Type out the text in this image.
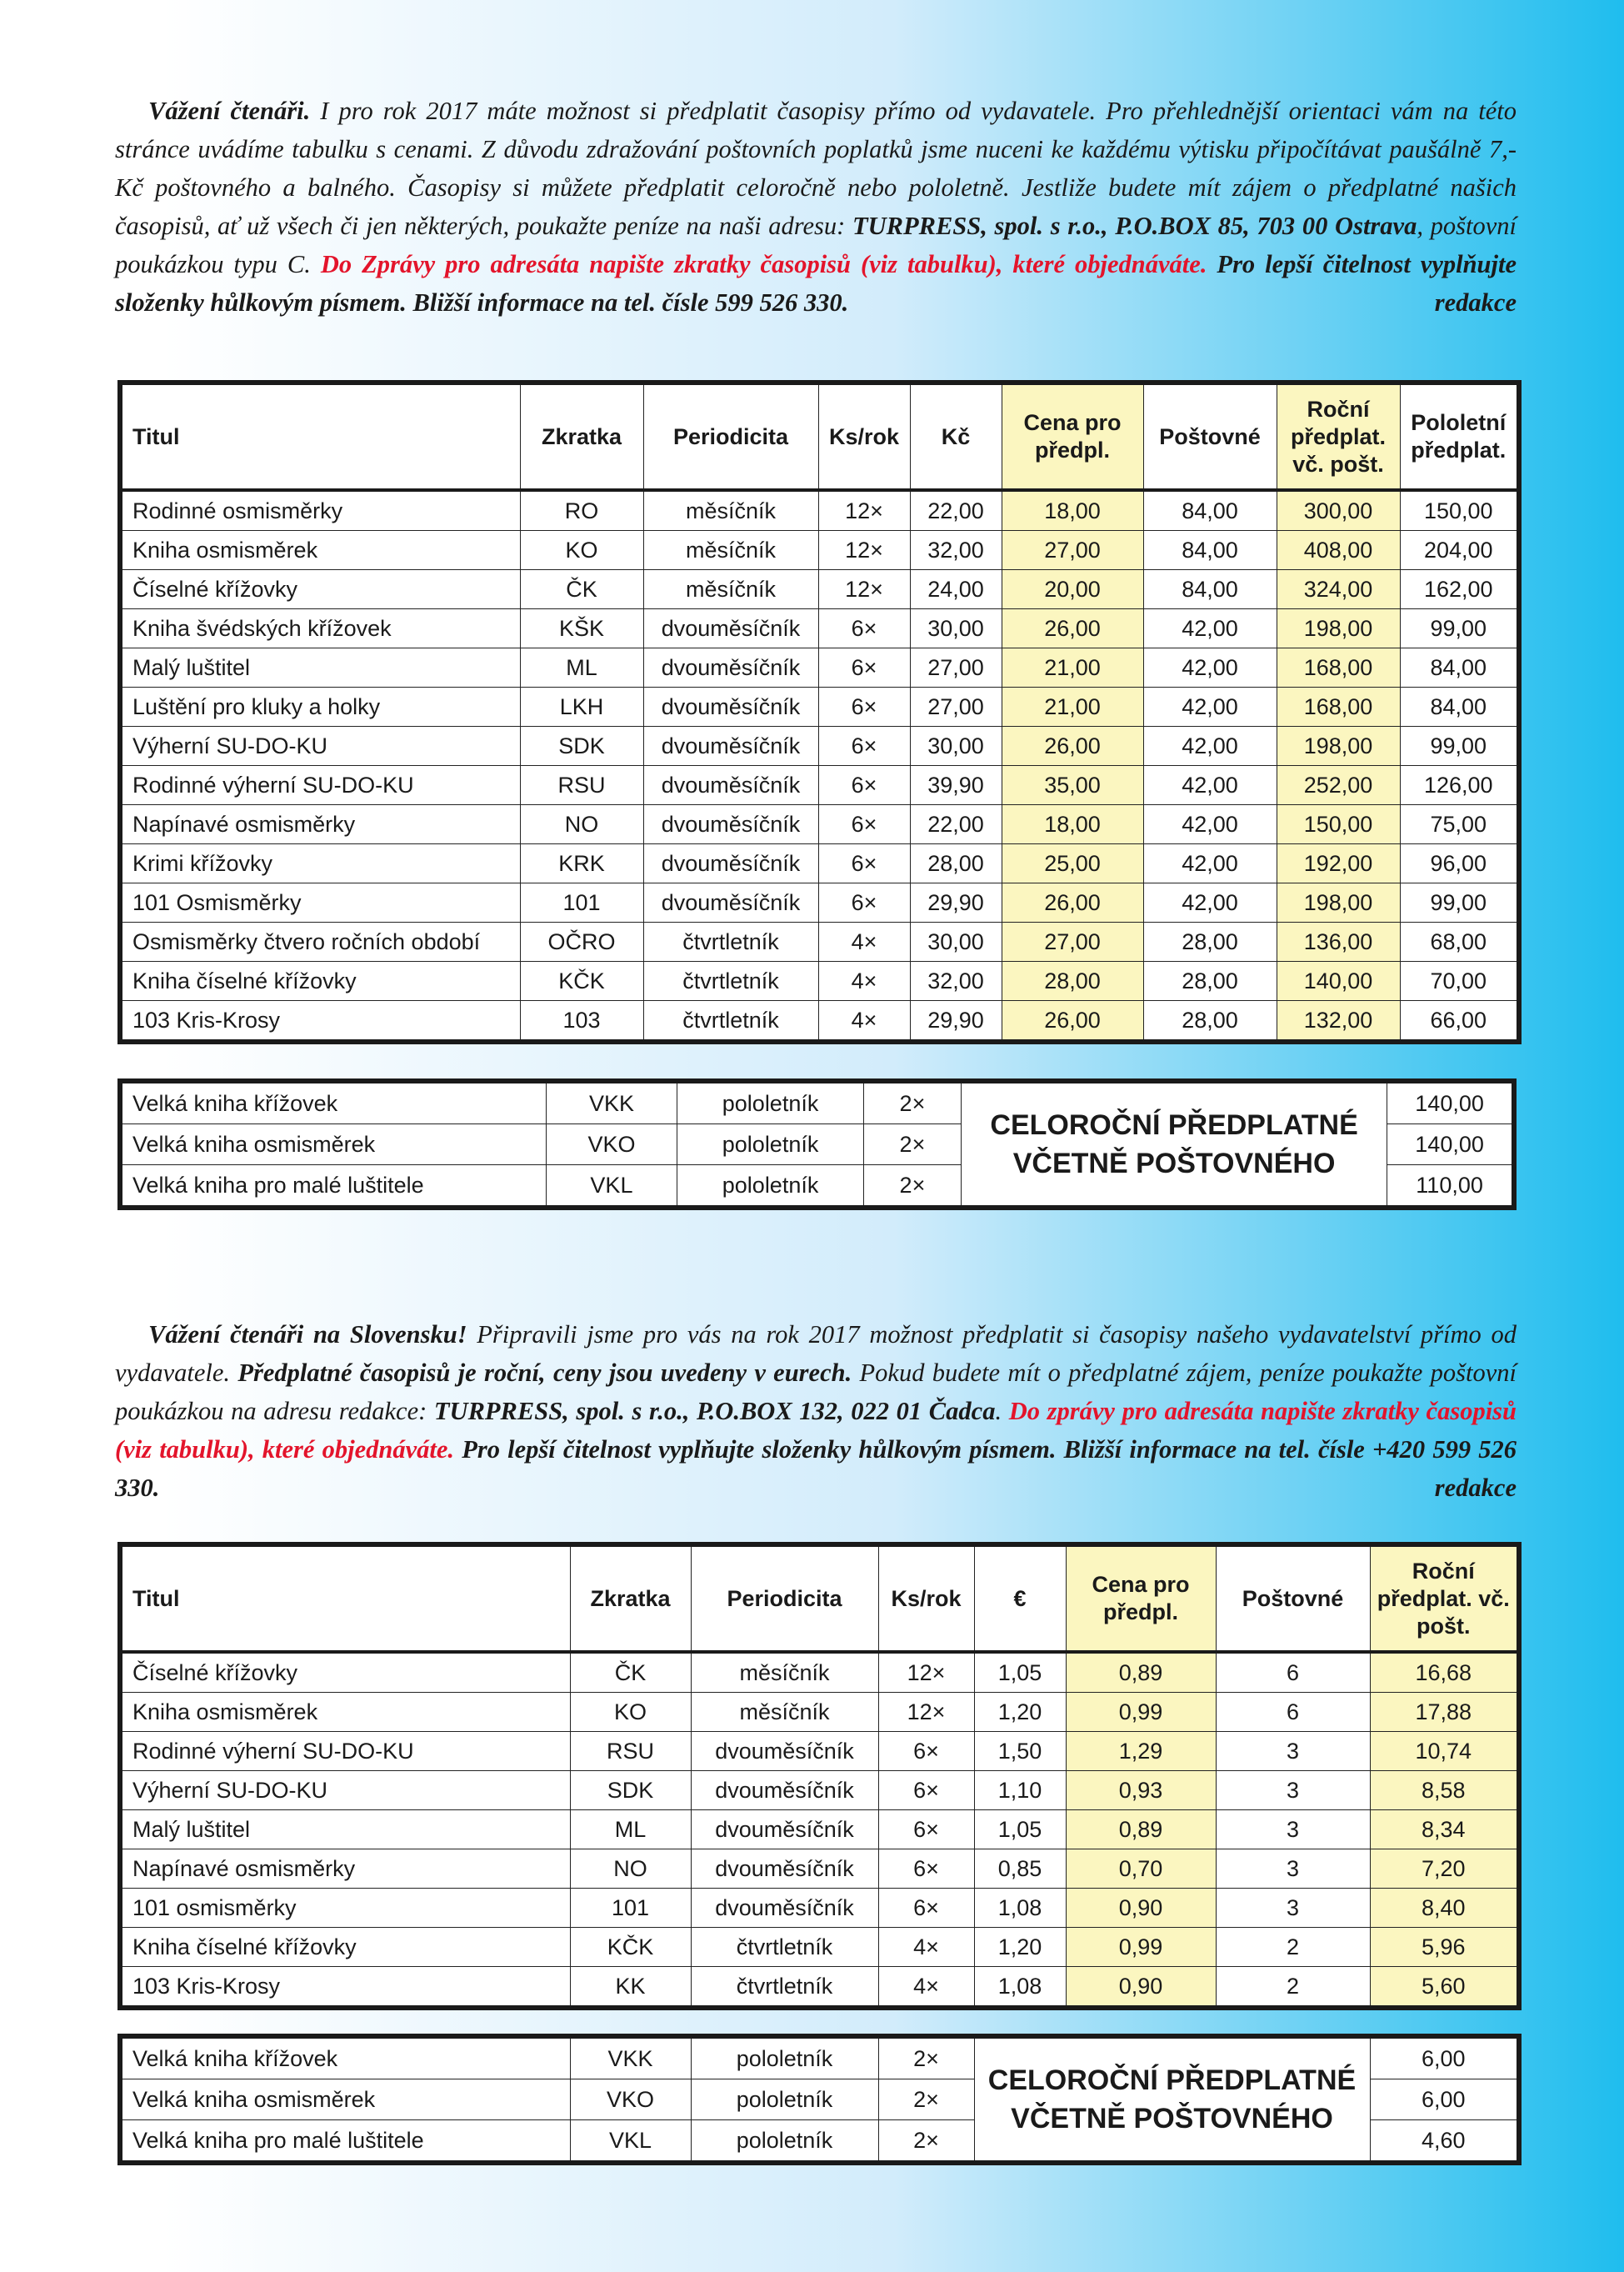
Vážení čtenáři. I pro rok 2017 máte možnost si předplatit časopisy přímo od vydavatele. Pro přehlednější orientaci vám na této stránce uvádíme tabulku s cenami. Z důvodu zdražování poštovních poplatků jsme nuceni ke každému výtisku připočítávat paušálně 7,- Kč poštovného a balného. Časopisy si můžete předplatit celoročně nebo pololetně. Jestliže budete mít zájem o předplatné našich časopisů, ať už všech či jen některých, poukažte peníze na naši adresu: TURPRESS, spol. s r.o., P.O.BOX 85, 703 00 Ostrava, poštovní poukázkou typu C. Do Zprávy pro adresáta napište zkratky časopisů (viz tabulku), které objednáváte. Pro lepší čitelnost vyplňujte složenky hůlkovým písmem. Bližší informace na tel. čísle 599 526 330.	redakce
Titul	Zkratka	Periodicita	Ks/rok	Kč	Cena pro předpl.	Poštovné	Roční předplat. vč. pošt.	Pololetní předplat.
Rodinné osmisměrky	RO	měsíčník	12×	22,00	18,00	84,00	300,00	150,00
Kniha osmisměrek	KO	měsíčník	12×	32,00	27,00	84,00	408,00	204,00
Číselné křížovky	ČK	měsíčník	12×	24,00	20,00	84,00	324,00	162,00
Kniha švédských křížovek	KŠK	dvouměsíčník	6×	30,00	26,00	42,00	198,00	99,00
Malý luštitel	ML	dvouměsíčník	6×	27,00	21,00	42,00	168,00	84,00
Luštění pro kluky a holky	LKH	dvouměsíčník	6×	27,00	21,00	42,00	168,00	84,00
Výherní SU-DO-KU	SDK	dvouměsíčník	6×	30,00	26,00	42,00	198,00	99,00
Rodinné výherní SU-DO-KU	RSU	dvouměsíčník	6×	39,90	35,00	42,00	252,00	126,00
Napínavé osmisměrky	NO	dvouměsíčník	6×	22,00	18,00	42,00	150,00	75,00
Krimi křížovky	KRK	dvouměsíčník	6×	28,00	25,00	42,00	192,00	96,00
101 Osmisměrky	101	dvouměsíčník	6×	29,90	26,00	42,00	198,00	99,00
Osmisměrky čtvero ročních období	OČRO	čtvrtletník	4×	30,00	27,00	28,00	136,00	68,00
Kniha číselné křížovky	KČK	čtvrtletník	4×	32,00	28,00	28,00	140,00	70,00
103 Kris-Krosy	103	čtvrtletník	4×	29,90	26,00	28,00	132,00	66,00
Velká kniha křížovek	VKK	pololetník	2×	CELOROČNÍ PŘEDPLATNÉ VČETNĚ POŠTOVNÉHO	140,00
Velká kniha osmisměrek	VKO	pololetník	2×		140,00
Velká kniha pro malé luštitele	VKL	pololetník	2×		110,00
Vážení čtenáři na Slovensku! Připravili jsme pro vás na rok 2017 možnost předplatit si časopisy našeho vydavatelství přímo od vydavatele. Předplatné časopisů je roční, ceny jsou uvedeny v eurech. Pokud budete mít o předplatné zájem, peníze poukažte poštovní poukázkou na adresu redakce: TURPRESS, spol. s r.o., P.O.BOX 132, 022 01 Čadca. Do zprávy pro adresáta napište zkratky časopisů (viz tabulku), které objednáváte. Pro lepší čitelnost vyplňujte složenky hůlkovým písmem. Bližší informace na tel. čísle +420 599 526 330.	redakce
Titul	Zkratka	Periodicita	Ks/rok	€	Cena pro předpl.	Poštovné	Roční předplat. vč. pošt.
Číselné křížovky	ČK	měsíčník	12×	1,05	0,89	6	16,68
Kniha osmisměrek	KO	měsíčník	12×	1,20	0,99	6	17,88
Rodinné výherní SU-DO-KU	RSU	dvouměsíčník	6×	1,50	1,29	3	10,74
Výherní SU-DO-KU	SDK	dvouměsíčník	6×	1,10	0,93	3	8,58
Malý luštitel	ML	dvouměsíčník	6×	1,05	0,89	3	8,34
Napínavé osmisměrky	NO	dvouměsíčník	6×	0,85	0,70	3	7,20
101 osmisměrky	101	dvouměsíčník	6×	1,08	0,90	3	8,40
Kniha číselné křížovky	KČK	čtvrtletník	4×	1,20	0,99	2	5,96
103 Kris-Krosy	KK	čtvrtletník	4×	1,08	0,90	2	5,60
Velká kniha křížovek	VKK	pololetník	2×	CELOROČNÍ PŘEDPLATNÉ VČETNĚ POŠTOVNÉHO	6,00
Velká kniha osmisměrek	VKO	pololetník	2×		6,00
Velká kniha pro malé luštitele	VKL	pololetník	2×		4,60
